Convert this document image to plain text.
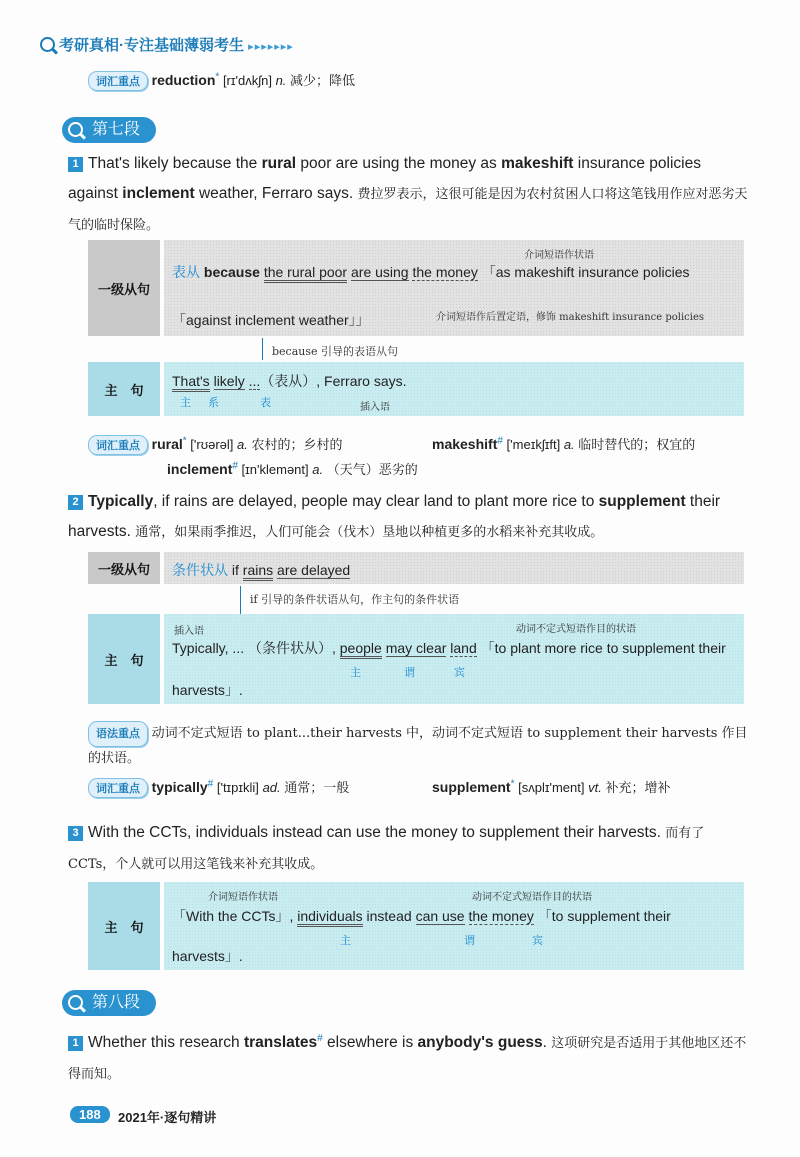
考研真相·专注基础薄弱考生 ▸▸▸▸▸▸▸
词汇重点 reduction* [rɪ'dʌkʃn] n. 减少；降低
第七段
1 That's likely because the rural poor are using the money as makeshift insurance policies against inclement weather, Ferraro says. 费拉罗表示，这很可能是因为农村贫困人口将这笔钱用作应对恶劣天气的临时保险。
一级从句
表从 because the rural poor are using the money 「as makeshift insurance policies
介词短语作状语
「against inclement weather」」	介词短语作后置定语，修饰 makeshift insurance policies
because 引导的表语从句
主　句
That's likely ...（表从）, Ferraro says.
主 系	表	插入语
词汇重点 rural* ['rʊərəl] a. 农村的；乡村的	makeshift# ['meɪkʃɪft] a. 临时替代的；权宜的
inclement# [ɪn'klemənt] a. （天气）恶劣的
2 Typically, if rains are delayed, people may clear land to plant more rice to supplement their harvests. 通常，如果雨季推迟，人们可能会（伐木）垦地以种植更多的水稻来补充其收成。
一级从句	条件状从 if rains are delayed
if 引导的条件状语从句，作主句的条件状语
主　句
插入语	动词不定式短语作目的状语
Typically, ... （条件状从）, people may clear land 「to plant more rice to supplement their
主	谓	宾
harvests」.
语法重点 动词不定式短语 to plant...their harvests 中，动词不定式短语 to supplement their harvests 作目的状语。
词汇重点 typically# ['tɪpɪkli] ad. 通常；一般	supplement* [sʌplɪ'ment] vt. 补充；增补
3 With the CCTs, individuals instead can use the money to supplement their harvests. 而有了 CCTs，个人就可以用这笔钱来补充其收成。
主　句
介词短语作状语	动词不定式短语作目的状语
「With the CCTs」, individuals instead can use the money 「to supplement their
主	谓	宾
harvests」.
第八段
1 Whether this research translates# elsewhere is anybody's guess. 这项研究是否适用于其他地区还不得而知。
188	2021年·逐句精讲
